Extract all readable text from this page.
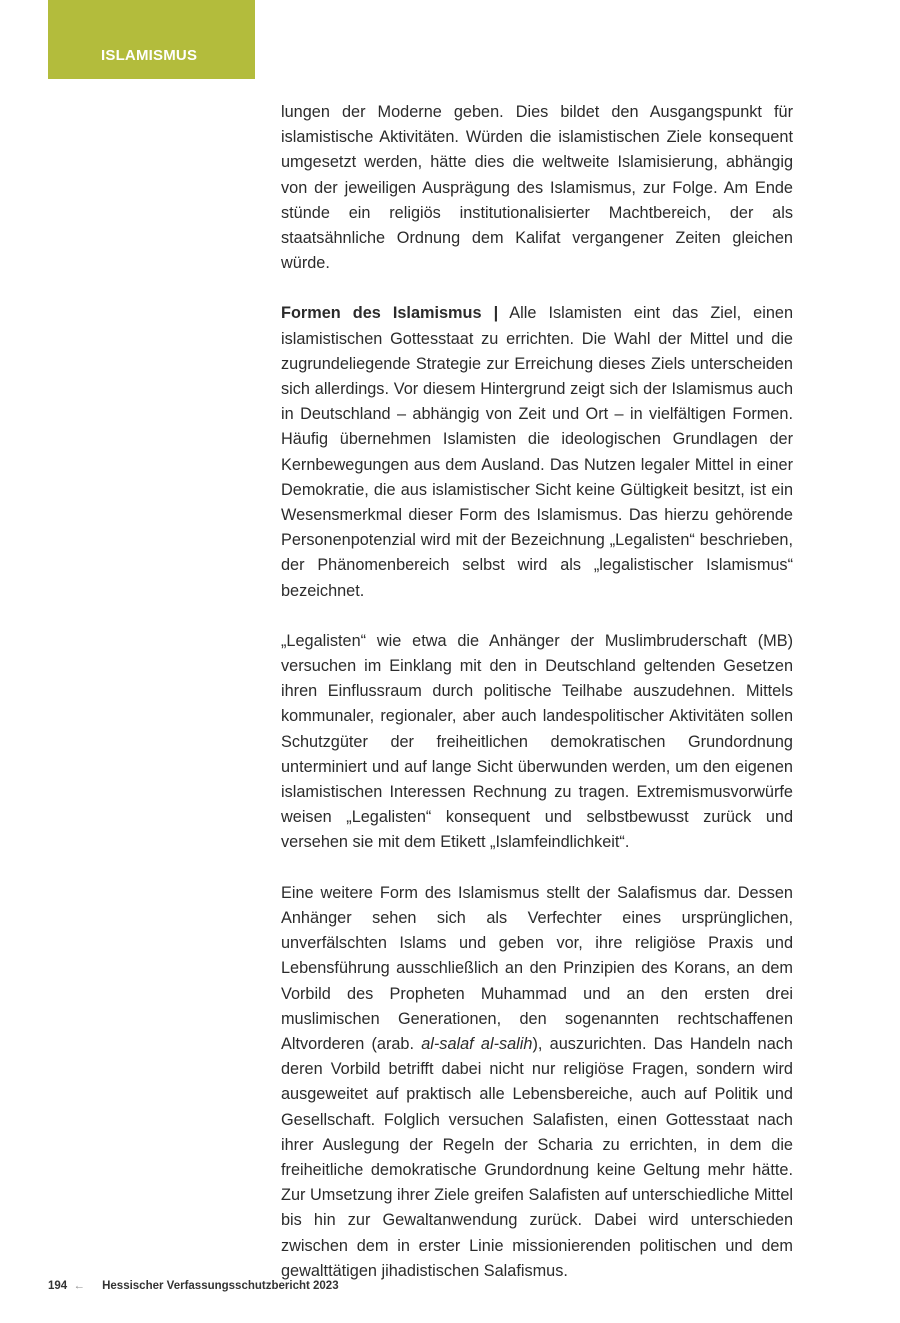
ISLAMISMUS

lungen der Moderne geben. Dies bildet den Ausgangspunkt für islamistische Aktivitäten. Würden die islamistischen Ziele konsequent umgesetzt werden, hätte dies die weltweite Islamisierung, abhängig von der jeweiligen Ausprägung des Islamismus, zur Folge. Am Ende stünde ein religiös institutionalisierter Machtbereich, der als staatsähnliche Ordnung dem Kalifat vergangener Zeiten gleichen würde.

Formen des Islamismus | Alle Islamisten eint das Ziel, einen islamistischen Gottesstaat zu errichten. Die Wahl der Mittel und die zugrundeliegende Strategie zur Erreichung dieses Ziels unterscheiden sich allerdings. Vor diesem Hintergrund zeigt sich der Islamismus auch in Deutschland – abhängig von Zeit und Ort – in vielfältigen Formen. Häufig übernehmen Islamisten die ideologischen Grundlagen der Kernbewegungen aus dem Ausland. Das Nutzen legaler Mittel in einer Demokratie, die aus islamistischer Sicht keine Gültigkeit besitzt, ist ein Wesensmerkmal dieser Form des Islamismus. Das hierzu gehörende Personenpotenzial wird mit der Bezeichnung „Legalisten“ beschrieben, der Phänomenbereich selbst wird als „legalistischer Islamismus“ bezeichnet.

„Legalisten“ wie etwa die Anhänger der Muslimbruderschaft (MB) versuchen im Einklang mit den in Deutschland geltenden Gesetzen ihren Einflussraum durch politische Teilhabe auszudehnen. Mittels kommunaler, regionaler, aber auch landespolitischer Aktivitäten sollen Schutzgüter der freiheitlichen demokratischen Grundordnung unterminiert und auf lange Sicht überwunden werden, um den eigenen islamistischen Interessen Rechnung zu tragen. Extremismusvorwürfe weisen „Legalisten“ konsequent und selbstbewusst zurück und versehen sie mit dem Etikett „Islamfeindlichkeit“.

Eine weitere Form des Islamismus stellt der Salafismus dar. Dessen Anhänger sehen sich als Verfechter eines ursprünglichen, unverfälschten Islams und geben vor, ihre religiöse Praxis und Lebensführung ausschließlich an den Prinzipien des Korans, an dem Vorbild des Propheten Muhammad und an den ersten drei muslimischen Generationen, den sogenannten rechtschaffenen Altvorderen (arab. al-salaf al-salih), auszurichten. Das Handeln nach deren Vorbild betrifft dabei nicht nur religiöse Fragen, sondern wird ausgeweitet auf praktisch alle Lebensbereiche, auch auf Politik und Gesellschaft. Folglich versuchen Salafisten, einen Gottesstaat nach ihrer Auslegung der Regeln der Scharia zu errichten, in dem die freiheitliche demokratische Grundordnung keine Geltung mehr hätte. Zur Umsetzung ihrer Ziele greifen Salafisten auf unterschiedliche Mittel bis hin zur Gewaltanwendung zurück. Dabei wird unterschieden zwischen dem in erster Linie missionierenden politischen und dem gewalttätigen jihadistischen Salafismus.

194 ← Hessischer Verfassungsschutzbericht 2023
